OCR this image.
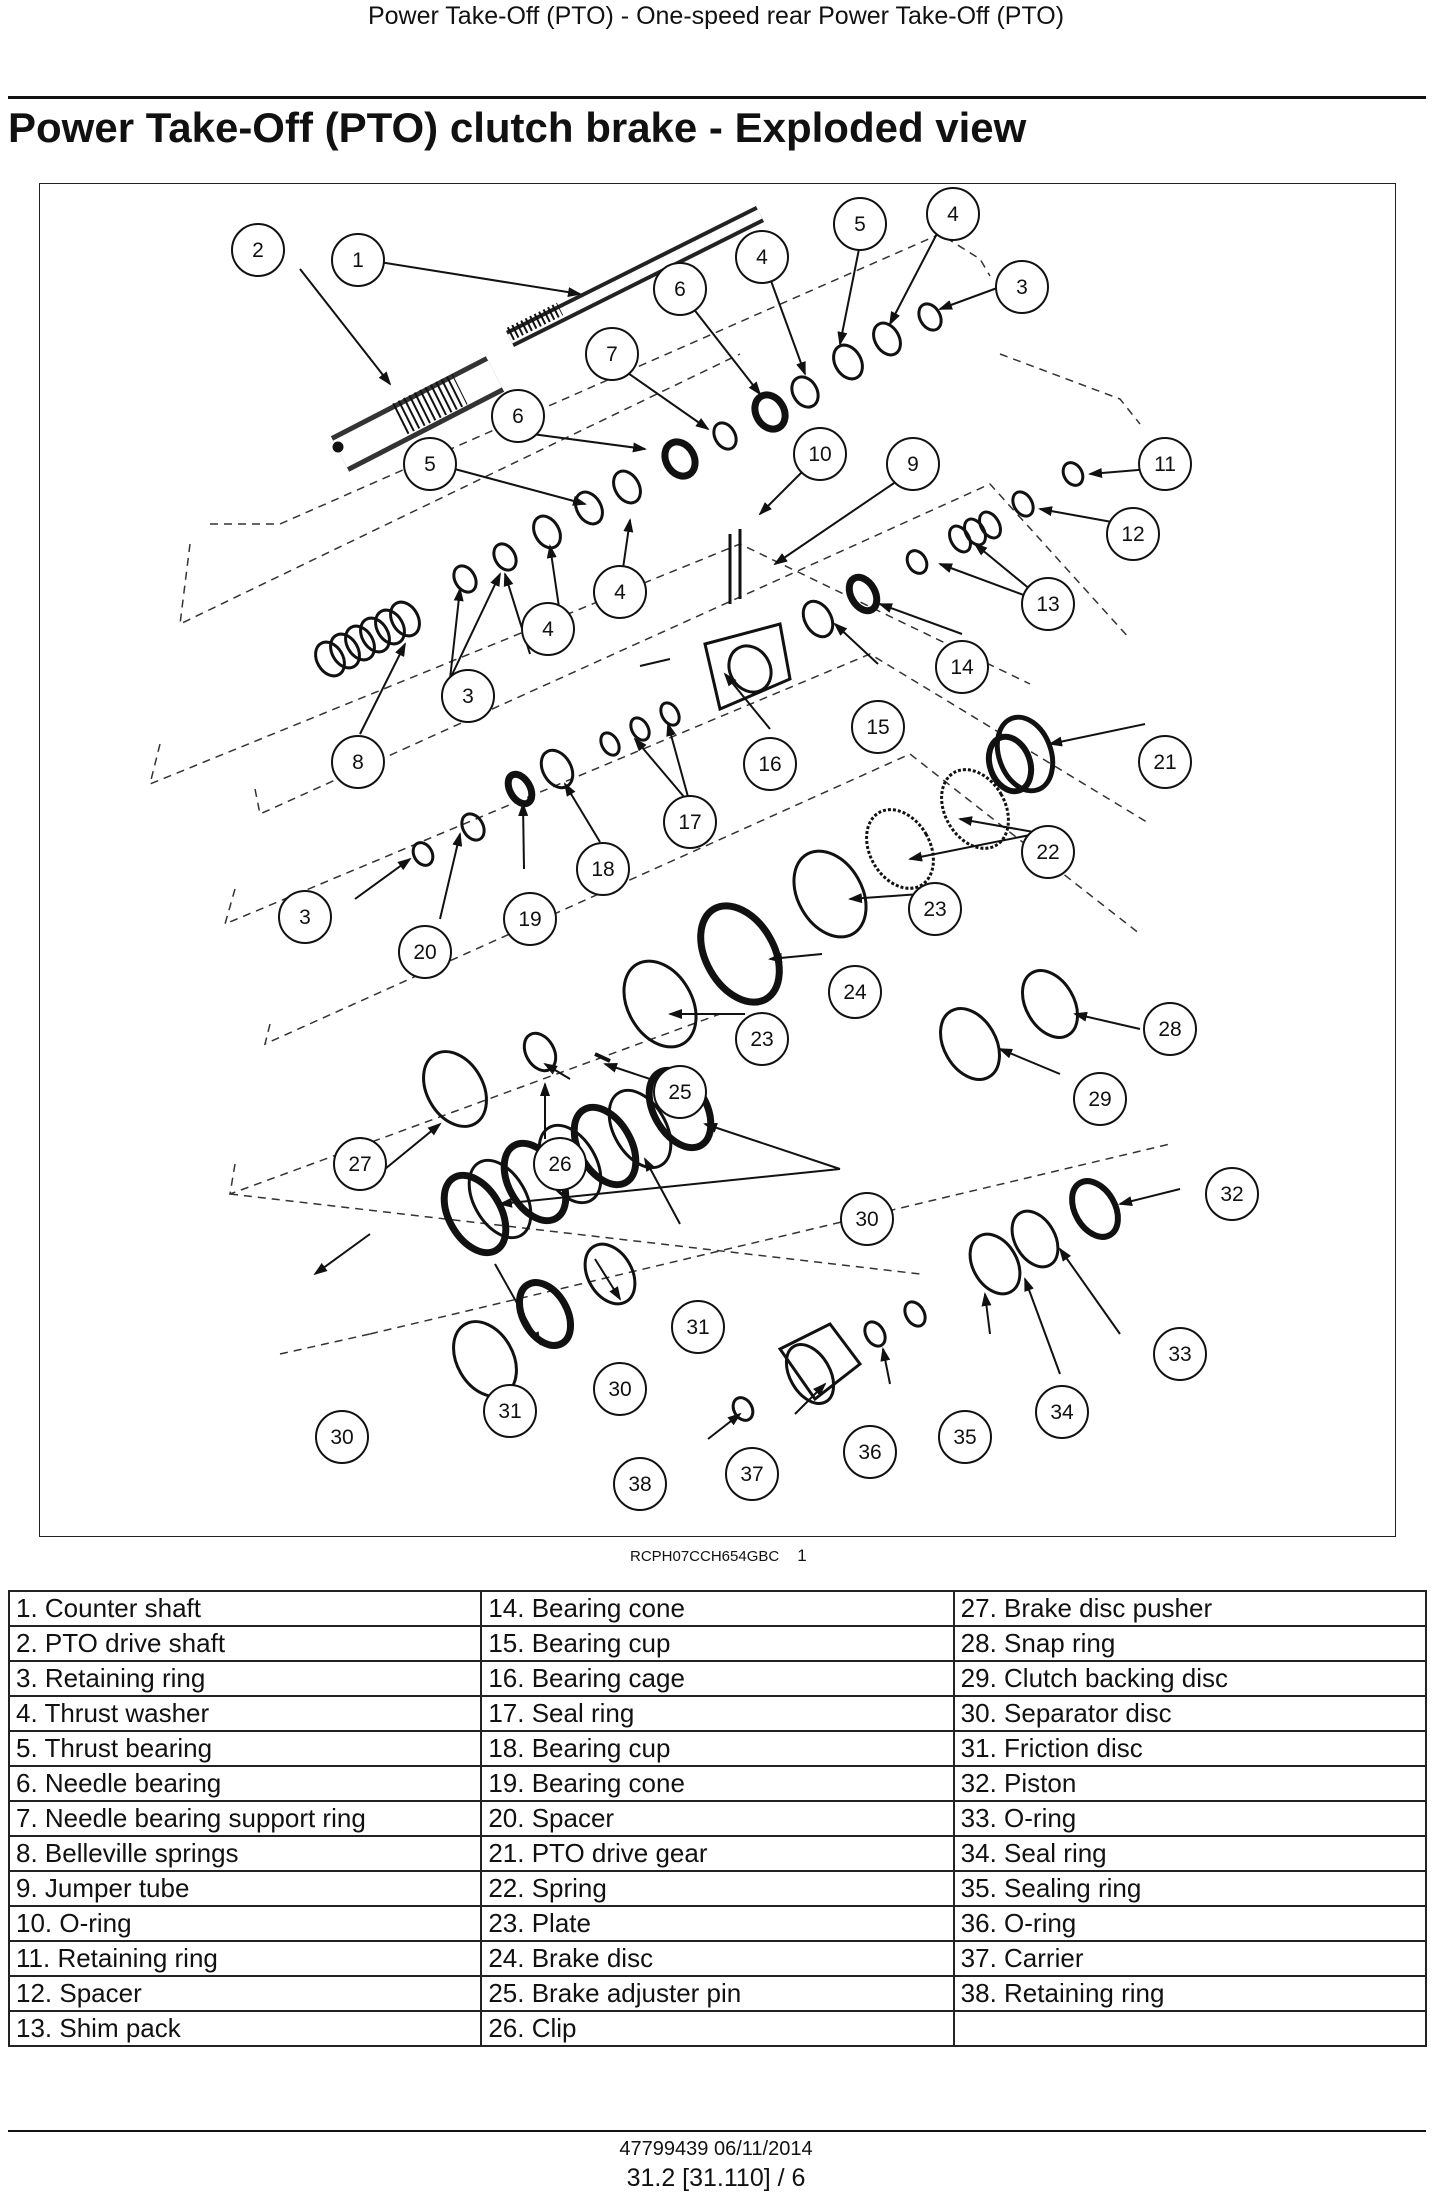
Power Take-Off (PTO) - One-speed rear Power Take-Off (PTO)
Power Take-Off (PTO) clutch brake - Exploded view
2	1
5	4
4
3
6
7
6
5	10	9	11
12
13
4
4
3
8	16
14
15
21
17
18
3	19
20
22
23
24
23	28
25	29
27	26
30
32
31
33
30
31
30
34
35
36
37
38
RCPH07CCH654GBC 1
1. Counter shaft	14. Bearing cone	27. Brake disc pusher
2. PTO drive shaft	15. Bearing cup	28. Snap ring
3. Retaining ring	16. Bearing cage	29. Clutch backing disc
4. Thrust washer	17. Seal ring	30. Separator disc
5. Thrust bearing	18. Bearing cup	31. Friction disc
6. Needle bearing	19. Bearing cone	32. Piston
7. Needle bearing support ring	20. Spacer	33. O-ring
8. Belleville springs	21. PTO drive gear	34. Seal ring
9. Jumper tube	22. Spring	35. Sealing ring
10. O-ring	23. Plate	36. O-ring
11. Retaining ring	24. Brake disc	37. Carrier
12. Spacer	25. Brake adjuster pin	38. Retaining ring
13. Shim pack	26. Clip	
47799439 06/11/2014
31.2 [31.110] / 6
